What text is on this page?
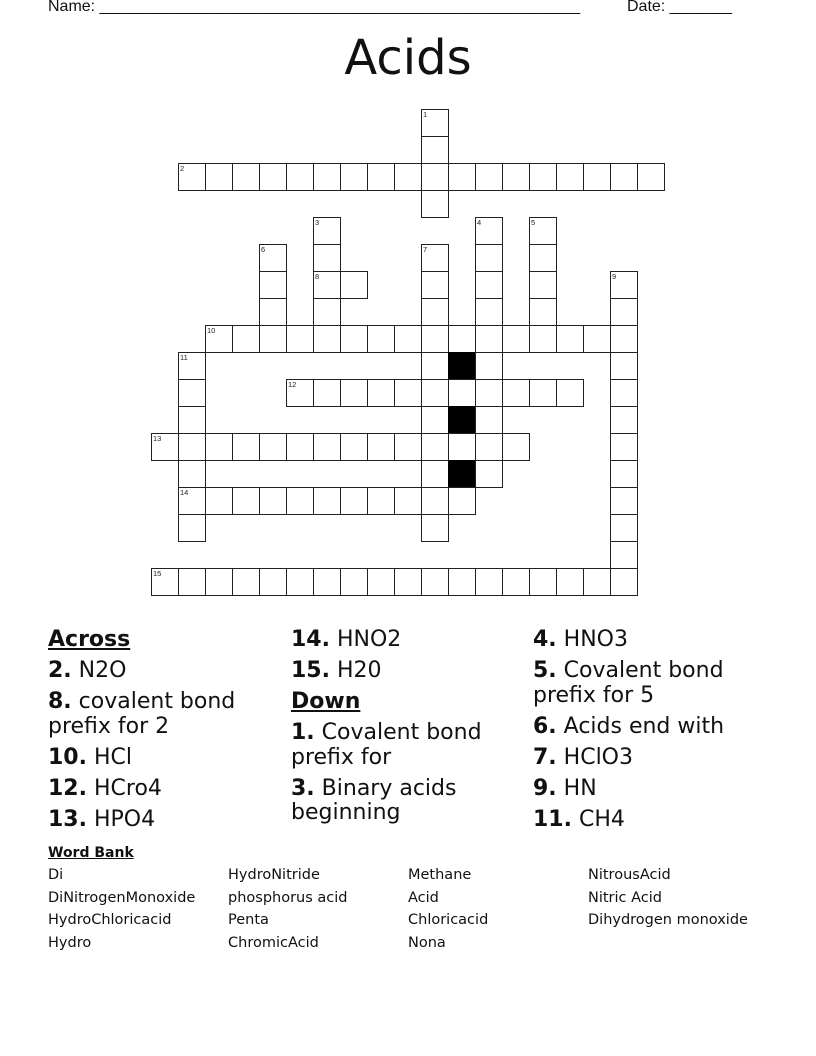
Name: ______________________________________________________	Date: _______
Acids
1
2
3	4	5
6	7
8	9
10
11
12
13
14
15
Across
2. N2O
8. covalent bond prefix for 2
10. HCl
12. HCro4
13. HPO4
14. HNO2
15. H20
Down
1. Covalent bond prefix for
3. Binary acids beginning
4. HNO3
5. Covalent bond prefix for 5
6. Acids end with
7. HClO3
9. HN
11. CH4
Word Bank
Di
DiNitrogenMonoxide
HydroChloricacid
Hydro
HydroNitride
phosphorus acid
Penta
ChromicAcid
Methane
Acid
Chloricacid
Nona
NitrousAcid
Nitric Acid
Dihydrogen monoxide
